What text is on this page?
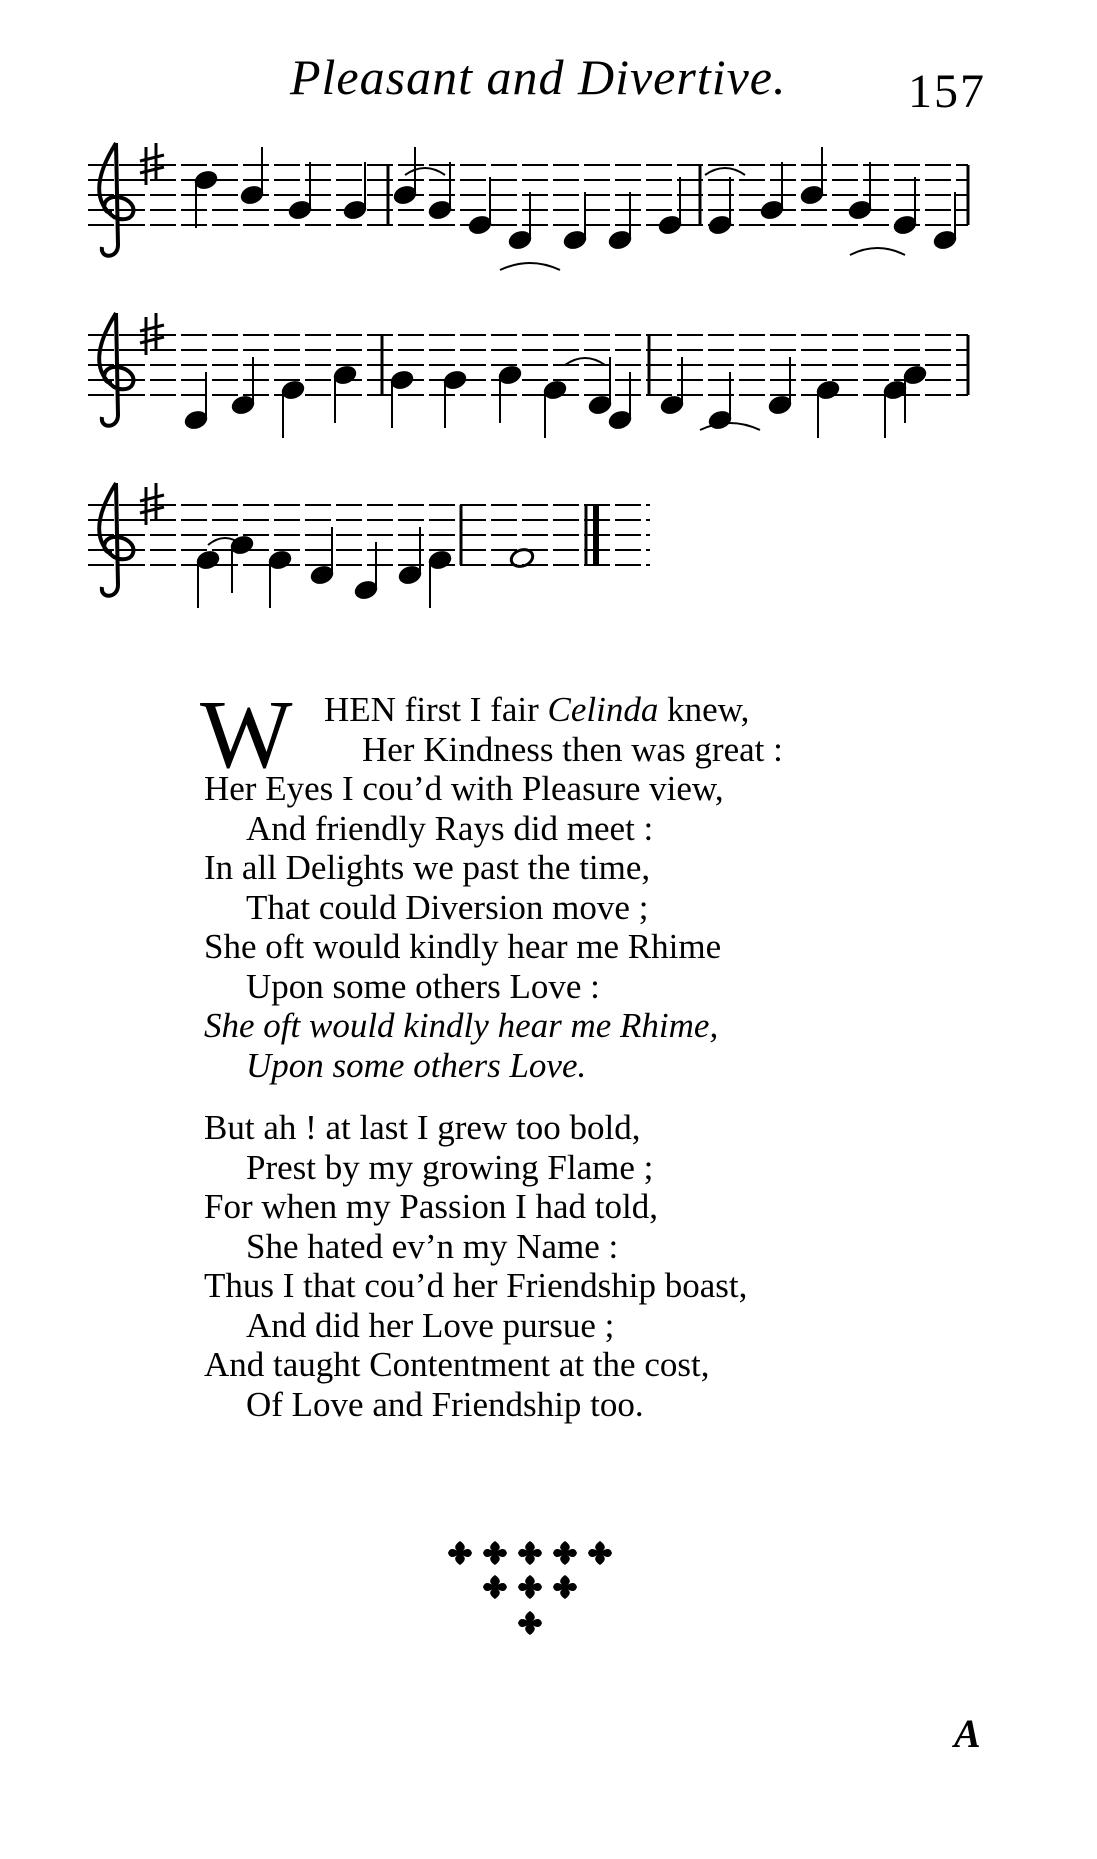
Pleasant and Divertive.	157
W HEN first I fair Celinda knew,
Her Kindness then was great :
Her Eyes I cou’d with Pleasure view,
And friendly Rays did meet :
In all Delights we past the time,
That could Diversion move ;
She oft would kindly hear me Rhime
Upon some others Love :
She oft would kindly hear me Rhime,
Upon some others Love.
But ah ! at last I grew too bold,
Prest by my growing Flame ;
For when my Passion I had told,
She hated ev’n my Name :
Thus I that cou’d her Friendship boast,
And did her Love pursue ;
And taught Contentment at the cost,
Of Love and Friendship too.
A
